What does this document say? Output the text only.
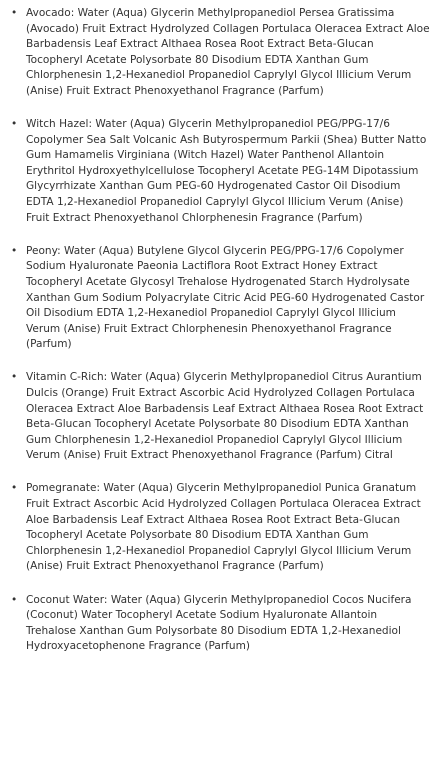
• Avocado: Water (Aqua) Glycerin Methylpropanediol Persea Gratissima (Avocado) Fruit Extract Hydrolyzed Collagen Portulaca Oleracea Extract Aloe Barbadensis Leaf Extract Althaea Rosea Root Extract Beta-Glucan Tocopheryl Acetate Polysorbate 80 Disodium EDTA Xanthan Gum Chlorphenesin 1,2-Hexanediol Propanediol Caprylyl Glycol Illicium Verum (Anise) Fruit Extract Phenoxyethanol Fragrance (Parfum)
• Witch Hazel: Water (Aqua) Glycerin Methylpropanediol PEG/PPG-17/6 Copolymer Sea Salt Volcanic Ash Butyrospermum Parkii (Shea) Butter Natto Gum Hamamelis Virginiana (Witch Hazel) Water Panthenol Allantoin Erythritol Hydroxyethylcellulose Tocopheryl Acetate PEG-14M Dipotassium Glycyrrhizate Xanthan Gum PEG-60 Hydrogenated Castor Oil Disodium EDTA 1,2-Hexanediol Propanediol Caprylyl Glycol Illicium Verum (Anise) Fruit Extract Phenoxyethanol Chlorphenesin Fragrance (Parfum)
• Peony: Water (Aqua) Butylene Glycol Glycerin PEG/PPG-17/6 Copolymer Sodium Hyaluronate Paeonia Lactiflora Root Extract Honey Extract Tocopheryl Acetate Glycosyl Trehalose Hydrogenated Starch Hydrolysate Xanthan Gum Sodium Polyacrylate Citric Acid PEG-60 Hydrogenated Castor Oil Disodium EDTA 1,2-Hexanediol Propanediol Caprylyl Glycol Illicium Verum (Anise) Fruit Extract Chlorphenesin Phenoxyethanol Fragrance (Parfum)
• Vitamin C-Rich: Water (Aqua) Glycerin Methylpropanediol Citrus Aurantium Dulcis (Orange) Fruit Extract Ascorbic Acid Hydrolyzed Collagen Portulaca Oleracea Extract Aloe Barbadensis Leaf Extract Althaea Rosea Root Extract Beta-Glucan Tocopheryl Acetate Polysorbate 80 Disodium EDTA Xanthan Gum Chlorphenesin 1,2-Hexanediol Propanediol Caprylyl Glycol Illicium Verum (Anise) Fruit Extract Phenoxyethanol Fragrance (Parfum) Citral
• Pomegranate: Water (Aqua) Glycerin Methylpropanediol Punica Granatum Fruit Extract Ascorbic Acid Hydrolyzed Collagen Portulaca Oleracea Extract Aloe Barbadensis Leaf Extract Althaea Rosea Root Extract Beta-Glucan Tocopheryl Acetate Polysorbate 80 Disodium EDTA Xanthan Gum Chlorphenesin 1,2-Hexanediol Propanediol Caprylyl Glycol Illicium Verum (Anise) Fruit Extract Phenoxyethanol Fragrance (Parfum)
• Coconut Water: Water (Aqua) Glycerin Methylpropanediol Cocos Nucifera (Coconut) Water Tocopheryl Acetate Sodium Hyaluronate Allantoin Trehalose Xanthan Gum Polysorbate 80 Disodium EDTA 1,2-Hexanediol Hydroxyacetophenone Fragrance (Parfum)
